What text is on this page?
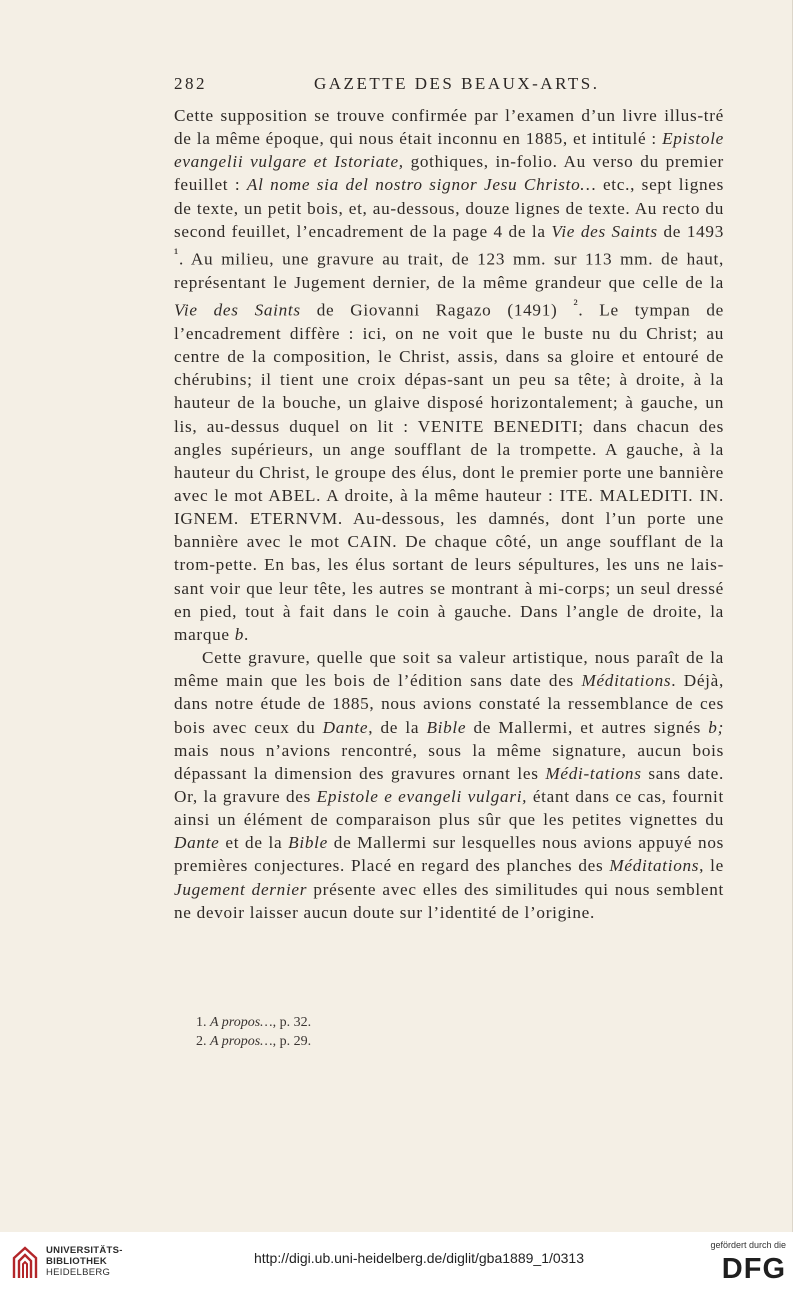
282	GAZETTE DES BEAUX-ARTS.

Cette supposition se trouve confirmée par l’examen d’un livre illus-tré de la même époque, qui nous était inconnu en 1885, et intitulé : Epistole evangelii vulgare et Istoriate, gothiques, in-folio. Au verso du premier feuillet : Al nome sia del nostro signor Jesu Christo… etc., sept lignes de texte, un petit bois, et, au-dessous, douze lignes de texte. Au recto du second feuillet, l’encadrement de la page 4 de la Vie des Saints de 1493 $^{^1}$. Au milieu, une gravure au trait, de 123 mm. sur 113 mm. de haut, représentant le Jugement dernier, de la même grandeur que celle de la Vie des Saints de Giovanni Ragazo (1491) $^{^2}$. Le tympan de l’encadrement diffère : ici, on ne voit que le buste nu du Christ; au centre de la composition, le Christ, assis, dans sa gloire et entouré de chérubins; il tient une croix dépas-sant un peu sa tête; à droite, à la hauteur de la bouche, un glaive disposé horizontalement; à gauche, un lis, au-dessus duquel on lit : VENITE BENEDITI; dans chacun des angles supérieurs, un ange soufflant de la trompette. A gauche, à la hauteur du Christ, le groupe des élus, dont le premier porte une bannière avec le mot ABEL. A droite, à la même hauteur : ITE. MALEDITI. IN. IGNEM. ETERNVM. Au-dessous, les damnés, dont l’un porte une bannière avec le mot CAIN. De chaque côté, un ange soufflant de la trom-pette. En bas, les élus sortant de leurs sépultures, les uns ne lais-sant voir que leur tête, les autres se montrant à mi-corps; un seul dressé en pied, tout à fait dans le coin à gauche. Dans l’angle de droite, la marque b.

Cette gravure, quelle que soit sa valeur artistique, nous paraît de la même main que les bois de l’édition sans date des Méditations. Déjà, dans notre étude de 1885, nous avions constaté la ressemblance de ces bois avec ceux du Dante, de la Bible de Mallermi, et autres signés b; mais nous n’avions rencontré, sous la même signature, aucun bois dépassant la dimension des gravures ornant les Médi-tations sans date. Or, la gravure des Epistole e evangeli vulgari, étant dans ce cas, fournit ainsi un élément de comparaison plus sûr que les petites vignettes du Dante et de la Bible de Mallermi sur lesquelles nous avions appuyé nos premières conjectures. Placé en regard des planches des Méditations, le Jugement dernier présente avec elles des similitudes qui nous semblent ne devoir laisser aucun doute sur l’identité de l’origine.

1. A propos…, p. 32.
2. A propos…, p. 29.
UNIVERSITÄTS-
BIBLIOTHEK
HEIDELBERG
http://digi.ub.uni-heidelberg.de/diglit/gba1889_1/0313
gefördert durch die
DFG
